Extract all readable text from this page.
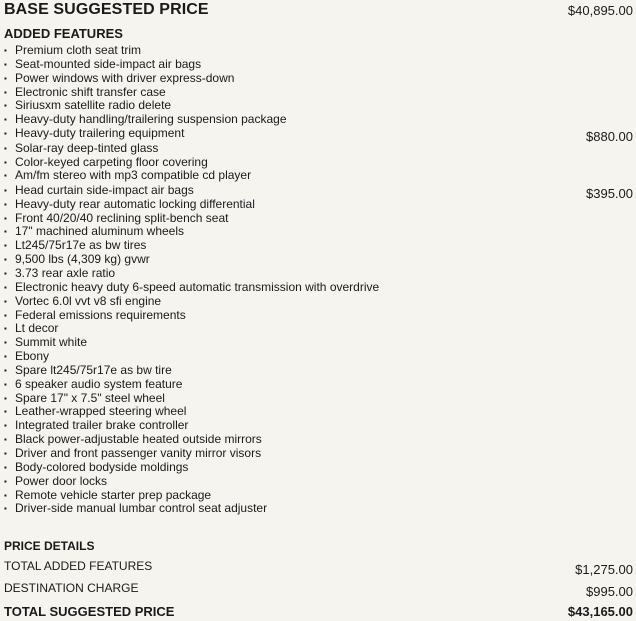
BASE SUGGESTED PRICE	$40,895.00
ADDED FEATURES
▪ Premium cloth seat trim
▪ Seat-mounted side-impact air bags
▪ Power windows with driver express-down
▪ Electronic shift transfer case
▪ Siriusxm satellite radio delete
▪ Heavy-duty handling/trailering suspension package
▪ Heavy-duty trailering equipment	$880.00
▪ Solar-ray deep-tinted glass
▪ Color-keyed carpeting floor covering
▪ Am/fm stereo with mp3 compatible cd player
▪ Head curtain side-impact air bags	$395.00
▪ Heavy-duty rear automatic locking differential
▪ Front 40/20/40 reclining split-bench seat
▪ 17" machined aluminum wheels
▪ Lt245/75r17e as bw tires
▪ 9,500 lbs (4,309 kg) gvwr
▪ 3.73 rear axle ratio
▪ Electronic heavy duty 6-speed automatic transmission with overdrive
▪ Vortec 6.0l vvt v8 sfi engine
▪ Federal emissions requirements
▪ Lt decor
▪ Summit white
▪ Ebony
▪ Spare lt245/75r17e as bw tire
▪ 6 speaker audio system feature
▪ Spare 17" x 7.5" steel wheel
▪ Leather-wrapped steering wheel
▪ Integrated trailer brake controller
▪ Black power-adjustable heated outside mirrors
▪ Driver and front passenger vanity mirror visors
▪ Body-colored bodyside moldings
▪ Power door locks
▪ Remote vehicle starter prep package
▪ Driver-side manual lumbar control seat adjuster
PRICE DETAILS
TOTAL ADDED FEATURES	$1,275.00
DESTINATION CHARGE	$995.00
TOTAL SUGGESTED PRICE	$43,165.00
